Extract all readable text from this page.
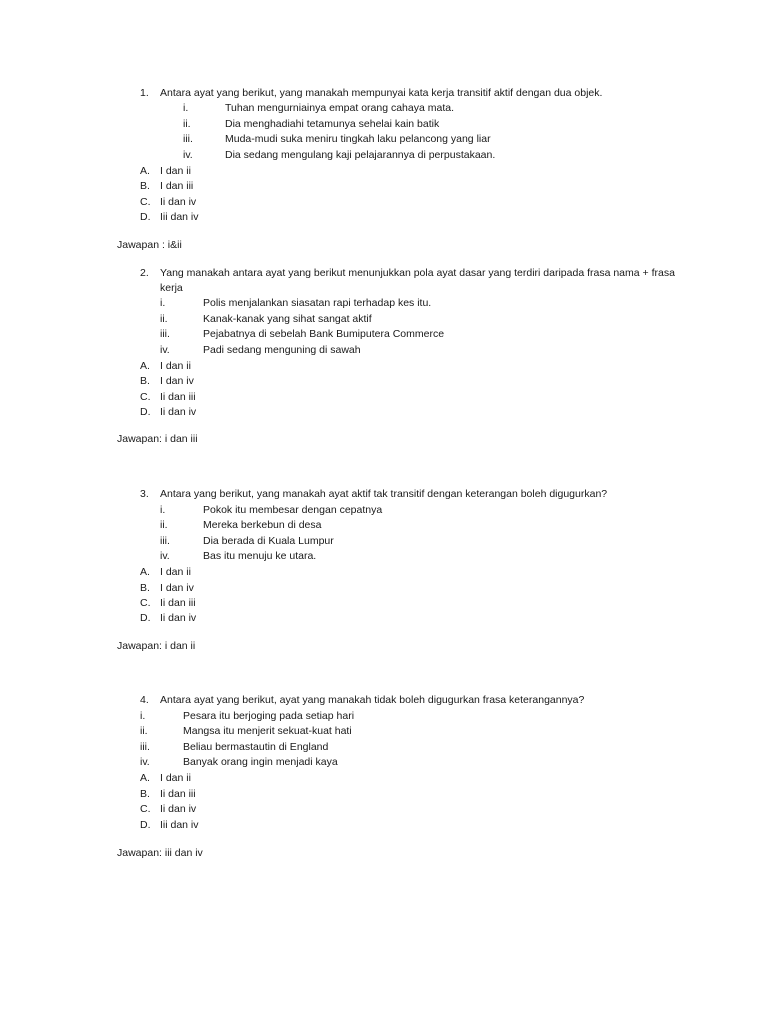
1. Antara ayat yang berikut, yang manakah mempunyai kata kerja transitif aktif dengan dua objek.
i.	Tuhan mengurniainya empat orang cahaya mata.
ii.	Dia menghadiahi tetamunya sehelai kain batik
iii.	Muda-mudi suka meniru tingkah laku pelancong yang liar
iv.	Dia sedang mengulang kaji pelajarannya di perpustakaan.
A. I dan ii
B. I dan iii
C. Ii dan iv
D. Iii dan iv
Jawapan : i&ii
2. Yang manakah antara ayat yang berikut menunjukkan pola ayat dasar yang terdiri daripada frasa nama + frasa
kerja
i.	Polis menjalankan siasatan rapi terhadap kes itu.
ii.	Kanak-kanak yang sihat sangat aktif
iii.	Pejabatnya di sebelah Bank Bumiputera Commerce
iv.	Padi sedang menguning di sawah
A. I dan ii
B. I dan iv
C. Ii dan iii
D. Ii dan iv
Jawapan: i dan iii
3. Antara yang berikut, yang manakah ayat aktif tak transitif dengan keterangan boleh digugurkan?
i.	Pokok itu membesar dengan cepatnya
ii.	Mereka berkebun di desa
iii.	Dia berada di Kuala Lumpur
iv.	Bas itu menuju ke utara.
A. I dan ii
B. I dan iv
C. Ii dan iii
D. Ii dan iv
Jawapan: i dan ii
4. Antara ayat yang berikut, ayat yang manakah tidak boleh digugurkan frasa keterangannya?
i.	Pesara itu berjoging pada setiap hari
ii.	Mangsa itu menjerit sekuat-kuat hati
iii.	Beliau bermastautin di England
iv.	Banyak orang ingin menjadi kaya
A. I dan ii
B. Ii dan iii
C. Ii dan iv
D. Iii dan iv
Jawapan: iii dan iv
